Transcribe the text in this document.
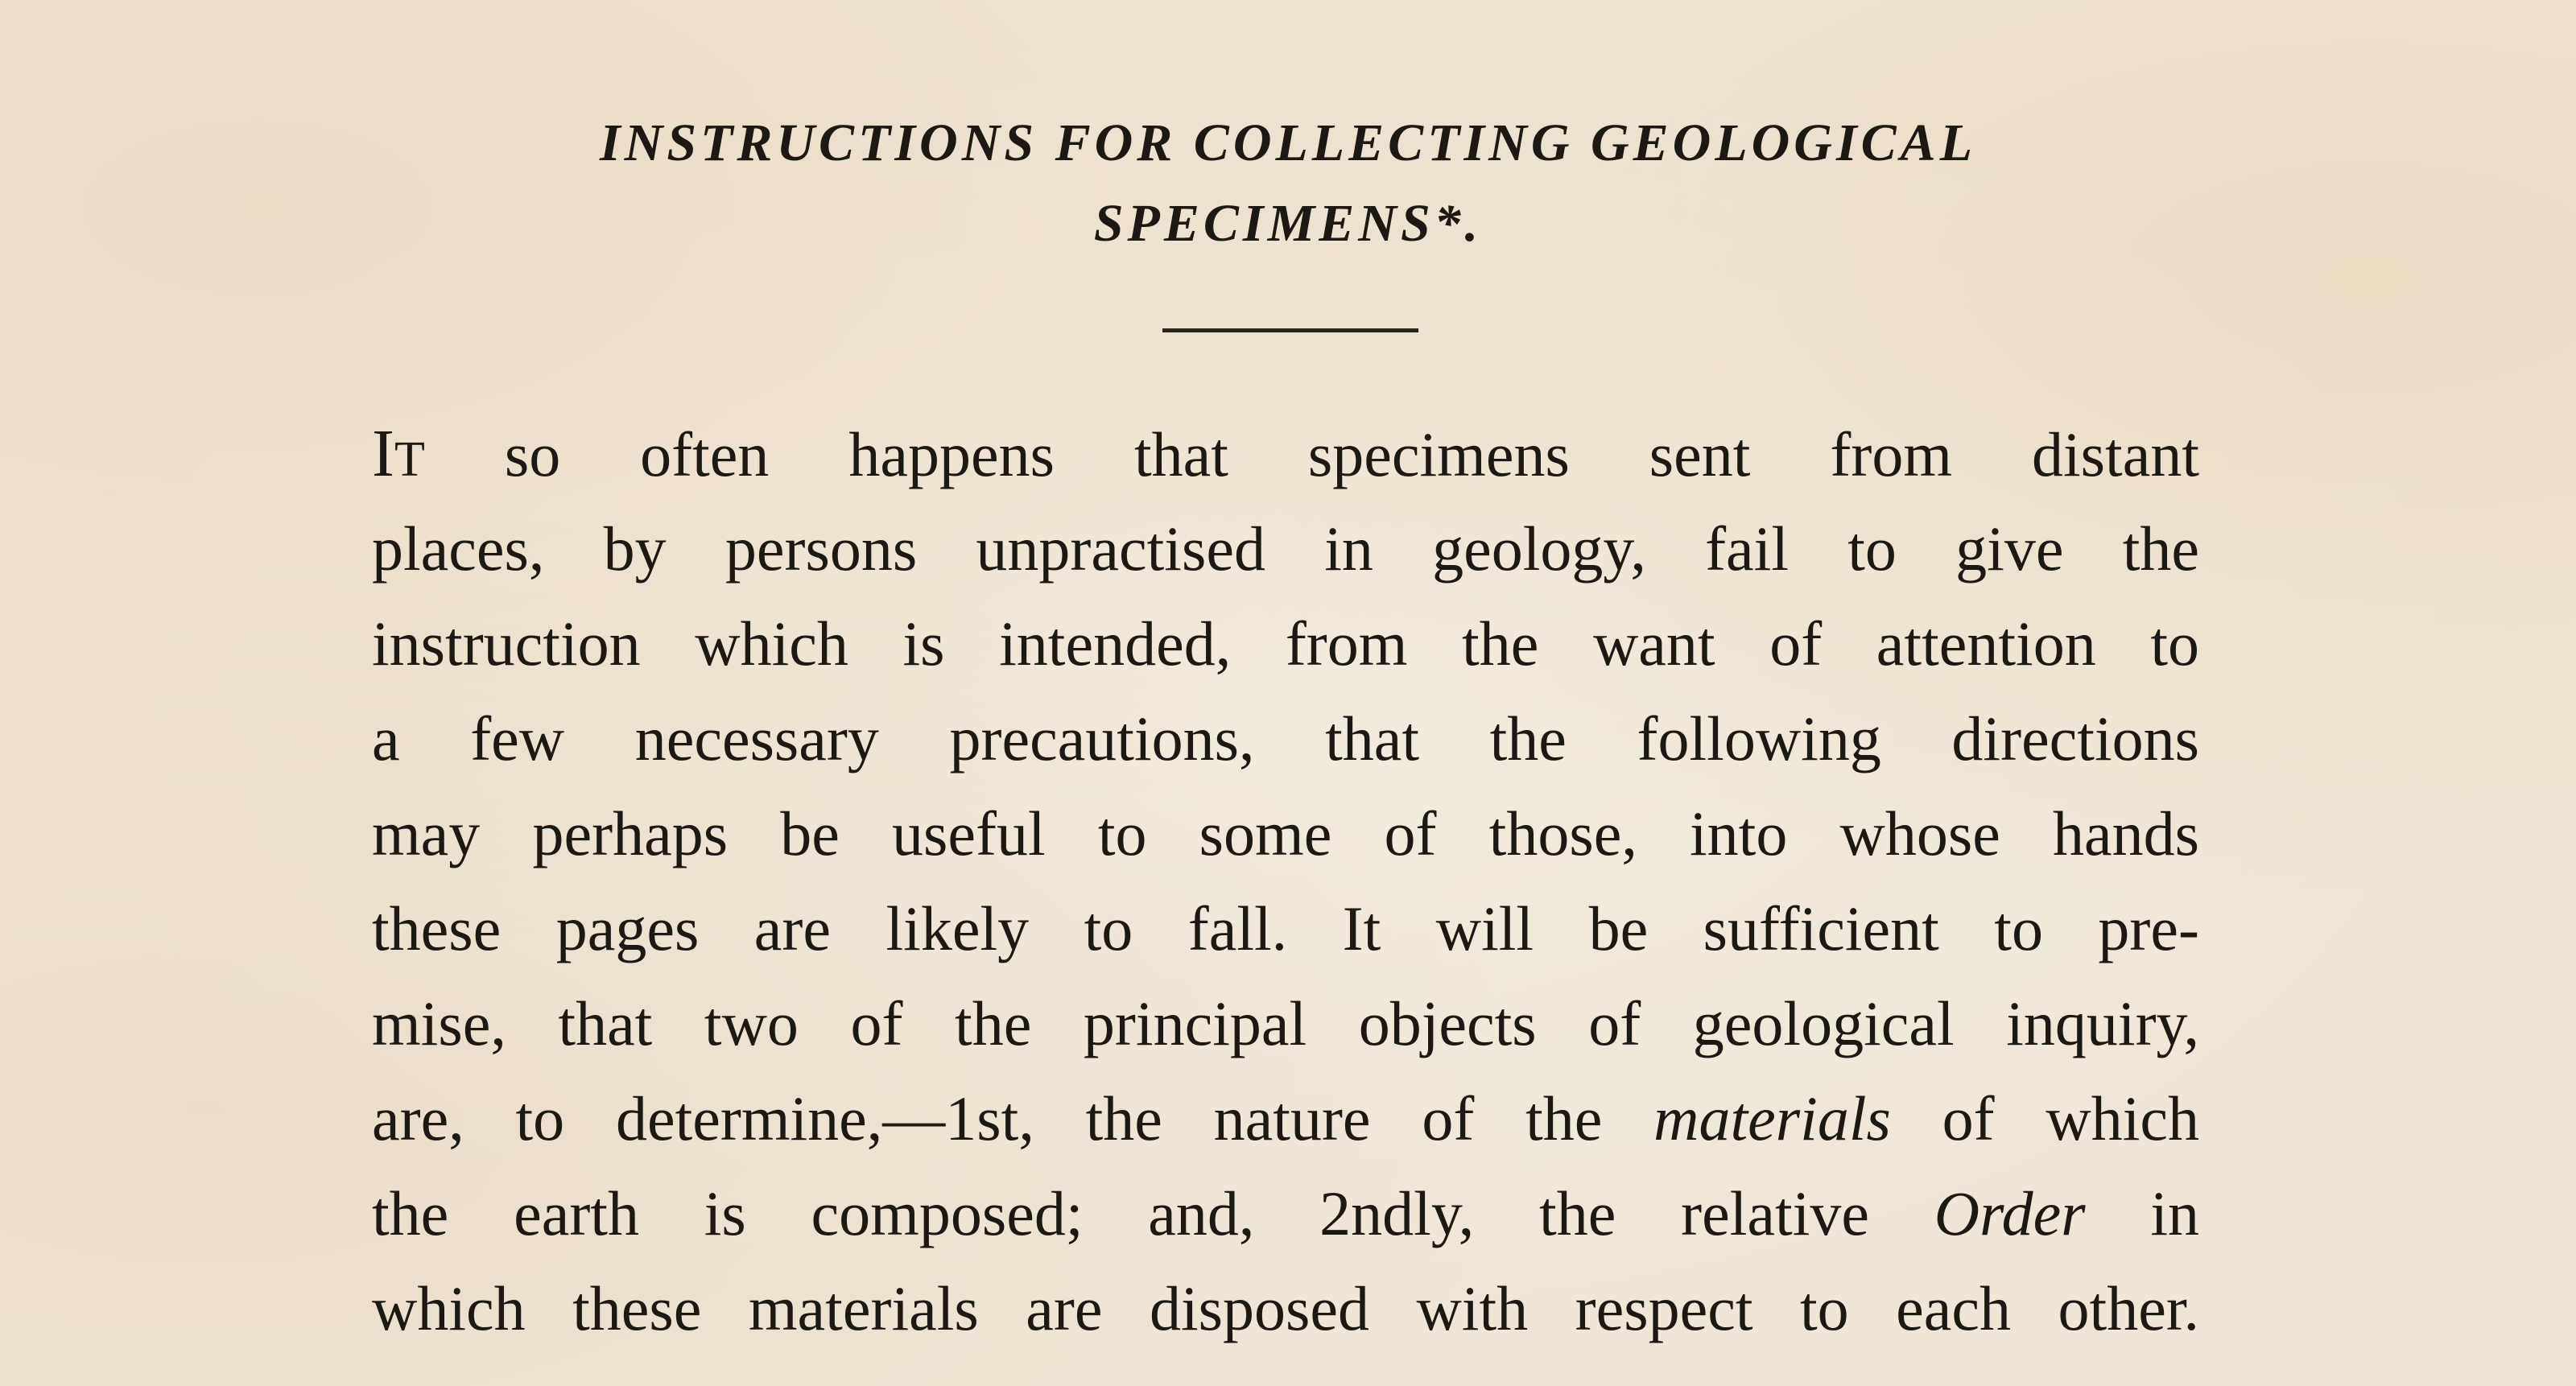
INSTRUCTIONS FOR COLLECTING GEOLOGICAL
SPECIMENS*.
IT so often happens that specimens sent from distant
places, by persons unpractised in geology, fail to give the
instruction which is intended, from the want of attention to
a few necessary precautions, that the following directions
may perhaps be useful to some of those, into whose hands
these pages are likely to fall. It will be sufficient to pre-
mise, that two of the principal objects of geological inquiry,
are, to determine,—1st, the nature of the materials of which
the earth is composed; and, 2ndly, the relative Order in
which these materials are disposed with respect to each other.
